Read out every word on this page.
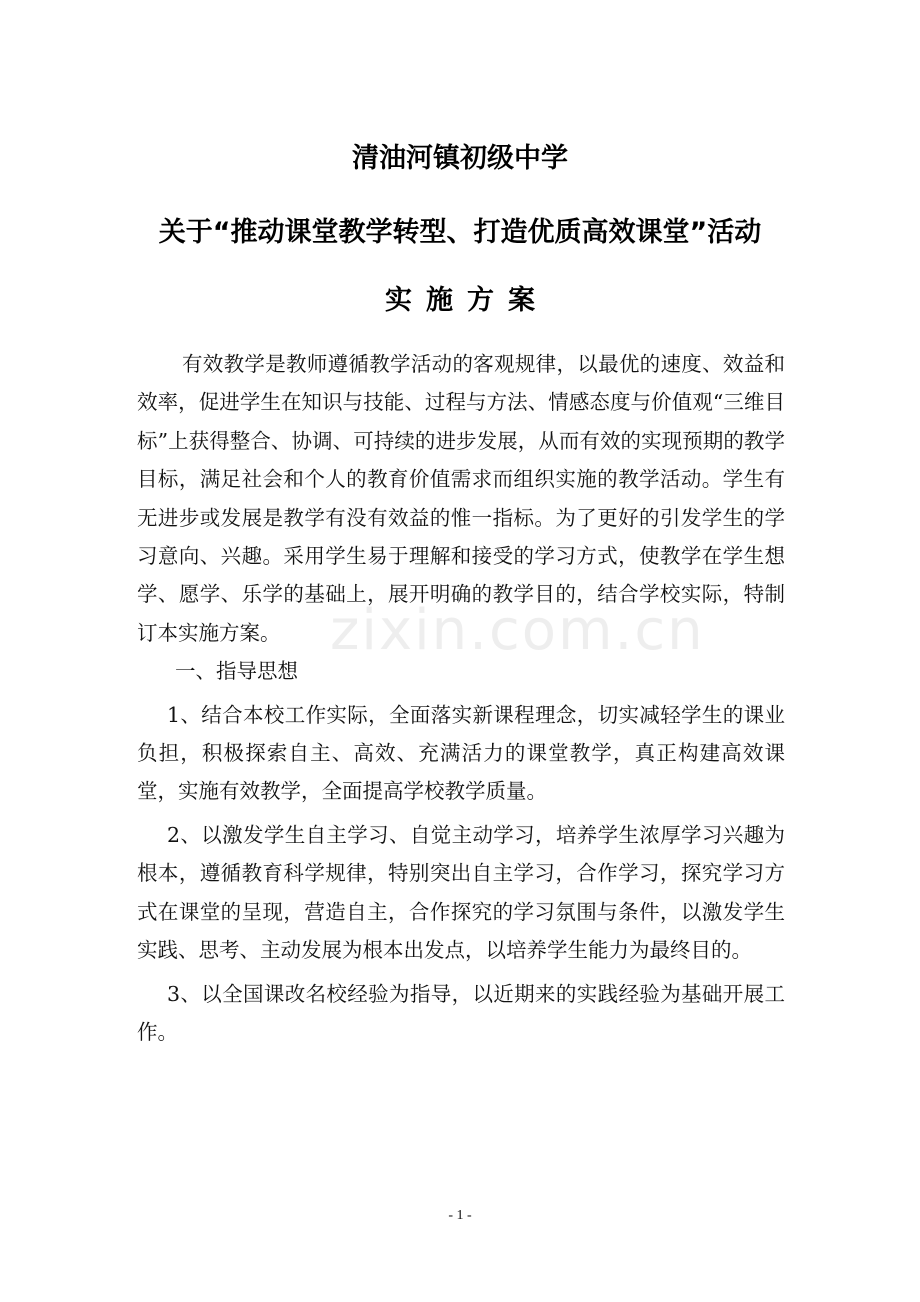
清油河镇初级中学
关于“推动课堂教学转型、打造优质高效课堂”活动
实施方案

有效教学是教师遵循教学活动的客观规律，以最优的速度、效益和效率，促进学生在知识与技能、过程与方法、情感态度与价值观“三维目标”上获得整合、协调、可持续的进步发展，从而有效的实现预期的教学目标，满足社会和个人的教育价值需求而组织实施的教学活动。学生有无进步或发展是教学有没有效益的惟一指标。为了更好的引发学生的学习意向、兴趣。采用学生易于理解和接受的学习方式，使教学在学生想学、愿学、乐学的基础上，展开明确的教学目的，结合学校实际，特制订本实施方案。

一、指导思想

1、结合本校工作实际，全面落实新课程理念，切实减轻学生的课业负担，积极探索自主、高效、充满活力的课堂教学，真正构建高效课堂，实施有效教学，全面提高学校教学质量。

2、以激发学生自主学习、自觉主动学习，培养学生浓厚学习兴趣为根本，遵循教育科学规律，特别突出自主学习，合作学习，探究学习方式在课堂的呈现，营造自主，合作探究的学习氛围与条件，以激发学生实践、思考、主动发展为根本出发点，以培养学生能力为最终目的。

3、以全国课改名校经验为指导，以近期来的实践经验为基础开展工作。

zixin.com.cn
- 1 -
